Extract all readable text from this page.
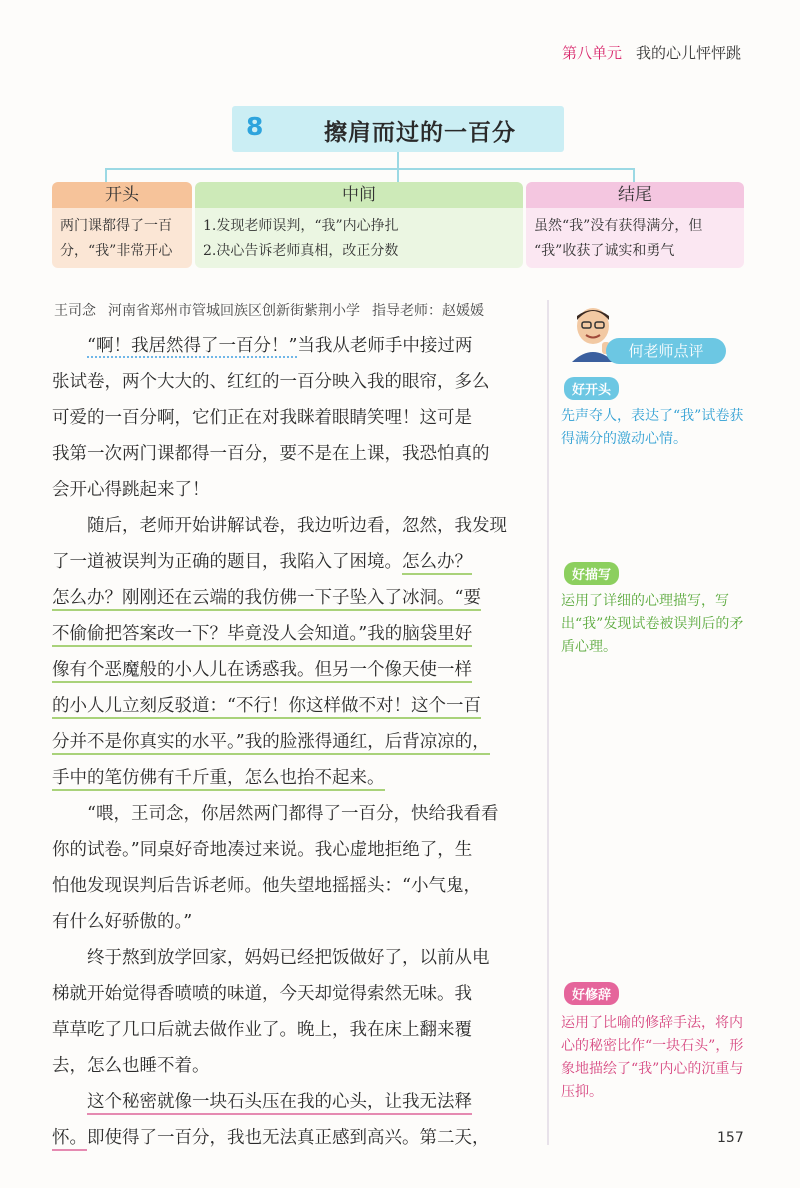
第八单元 我的心儿怦怦跳
8	擦肩而过的一百分
开头
两门课都得了一百
分，“我”非常开心
中间
1.发现老师误判，“我”内心挣扎
2.决心告诉老师真相，改正分数
结尾
虽然“我”没有获得满分，但
“我”收获了诚实和勇气
王司念 河南省郑州市管城回族区创新街紫荆小学 指导老师：赵媛媛
“啊！我居然得了一百分！”当我从老师手中接过两
张试卷，两个大大的、红红的一百分映入我的眼帘，多么
可爱的一百分啊，它们正在对我眯着眼睛笑哩！这可是
我第一次两门课都得一百分，要不是在上课，我恐怕真的
会开心得跳起来了！
随后，老师开始讲解试卷，我边听边看，忽然，我发现
了一道被误判为正确的题目，我陷入了困境。怎么办？
怎么办？刚刚还在云端的我仿佛一下子坠入了冰洞。“要
不偷偷把答案改一下？毕竟没人会知道。”我的脑袋里好
像有个恶魔般的小人儿在诱惑我。但另一个像天使一样
的小人儿立刻反驳道：“不行！你这样做不对！这个一百
分并不是你真实的水平。”我的脸涨得通红，后背凉凉的，
手中的笔仿佛有千斤重，怎么也抬不起来。
“喂，王司念，你居然两门都得了一百分，快给我看看
你的试卷。”同桌好奇地凑过来说。我心虚地拒绝了，生
怕他发现误判后告诉老师。他失望地摇摇头：“小气鬼，
有什么好骄傲的。”
终于熬到放学回家，妈妈已经把饭做好了，以前从电
梯就开始觉得香喷喷的味道，今天却觉得索然无味。我
草草吃了几口后就去做作业了。晚上，我在床上翻来覆
去，怎么也睡不着。
这个秘密就像一块石头压在我的心头，让我无法释
怀。即使得了一百分，我也无法真正感到高兴。第二天，
何老师点评
好开头
先声夺人，表达了“我”试卷获得满分的激动心情。
好描写
运用了详细的心理描写，写出“我”发现试卷被误判后的矛盾心理。
好修辞
运用了比喻的修辞手法，将内心的秘密比作“一块石头”，形象地描绘了“我”内心的沉重与压抑。
157
